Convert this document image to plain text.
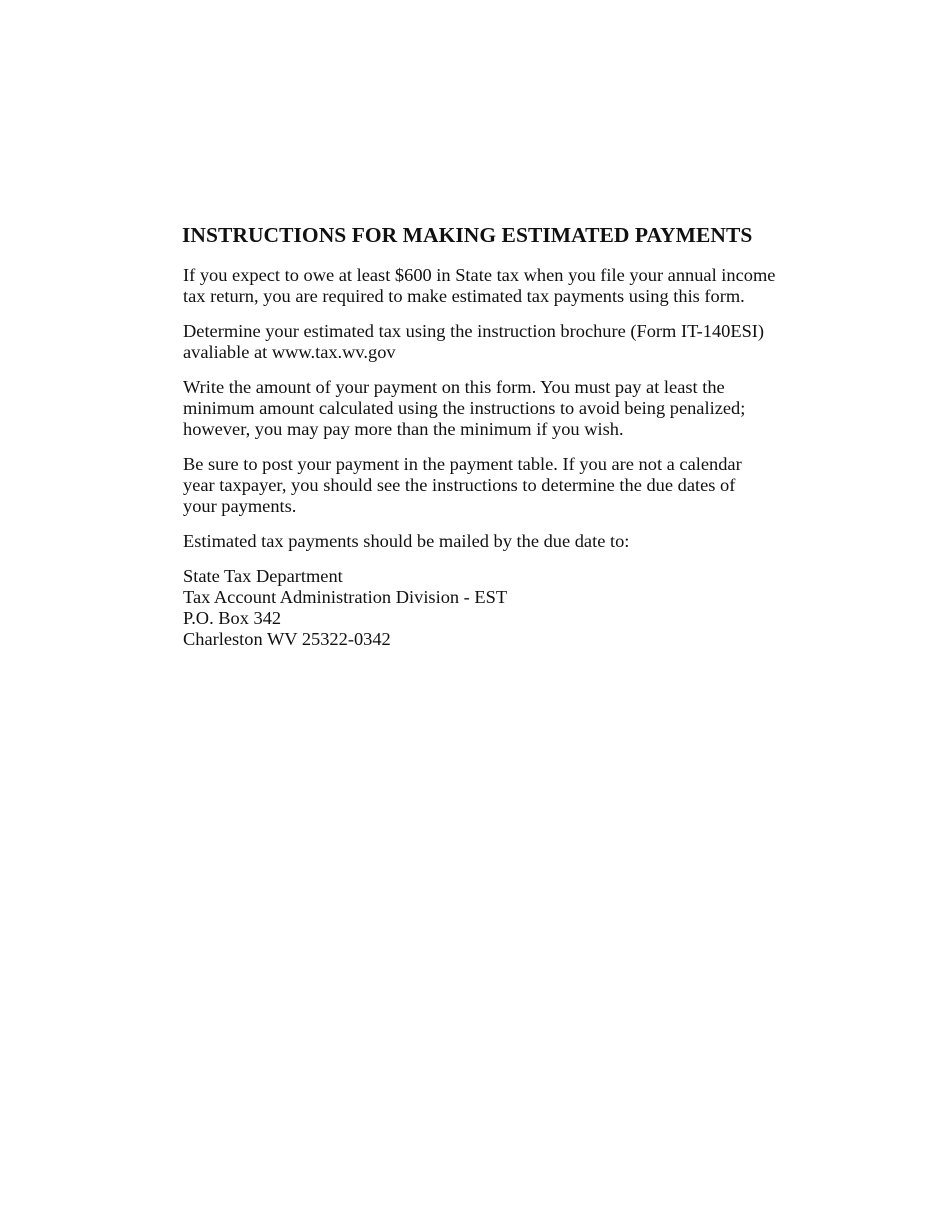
INSTRUCTIONS FOR MAKING ESTIMATED PAYMENTS

If you expect to owe at least $600 in State tax when you file your annual income
tax return, you are required to make estimated tax payments using this form.

Determine your estimated tax using the instruction brochure (Form IT-140ESI)
avaliable at www.tax.wv.gov

Write the amount of your payment on this form. You must pay at least the
minimum amount calculated using the instructions to avoid being penalized;
however, you may pay more than the minimum if you wish.

Be sure to post your payment in the payment table. If you are not a calendar
year taxpayer, you should see the instructions to determine the due dates of
your payments.

Estimated tax payments should be mailed by the due date to:

State Tax Department
Tax Account Administration Division - EST
P.O. Box 342
Charleston WV 25322-0342
